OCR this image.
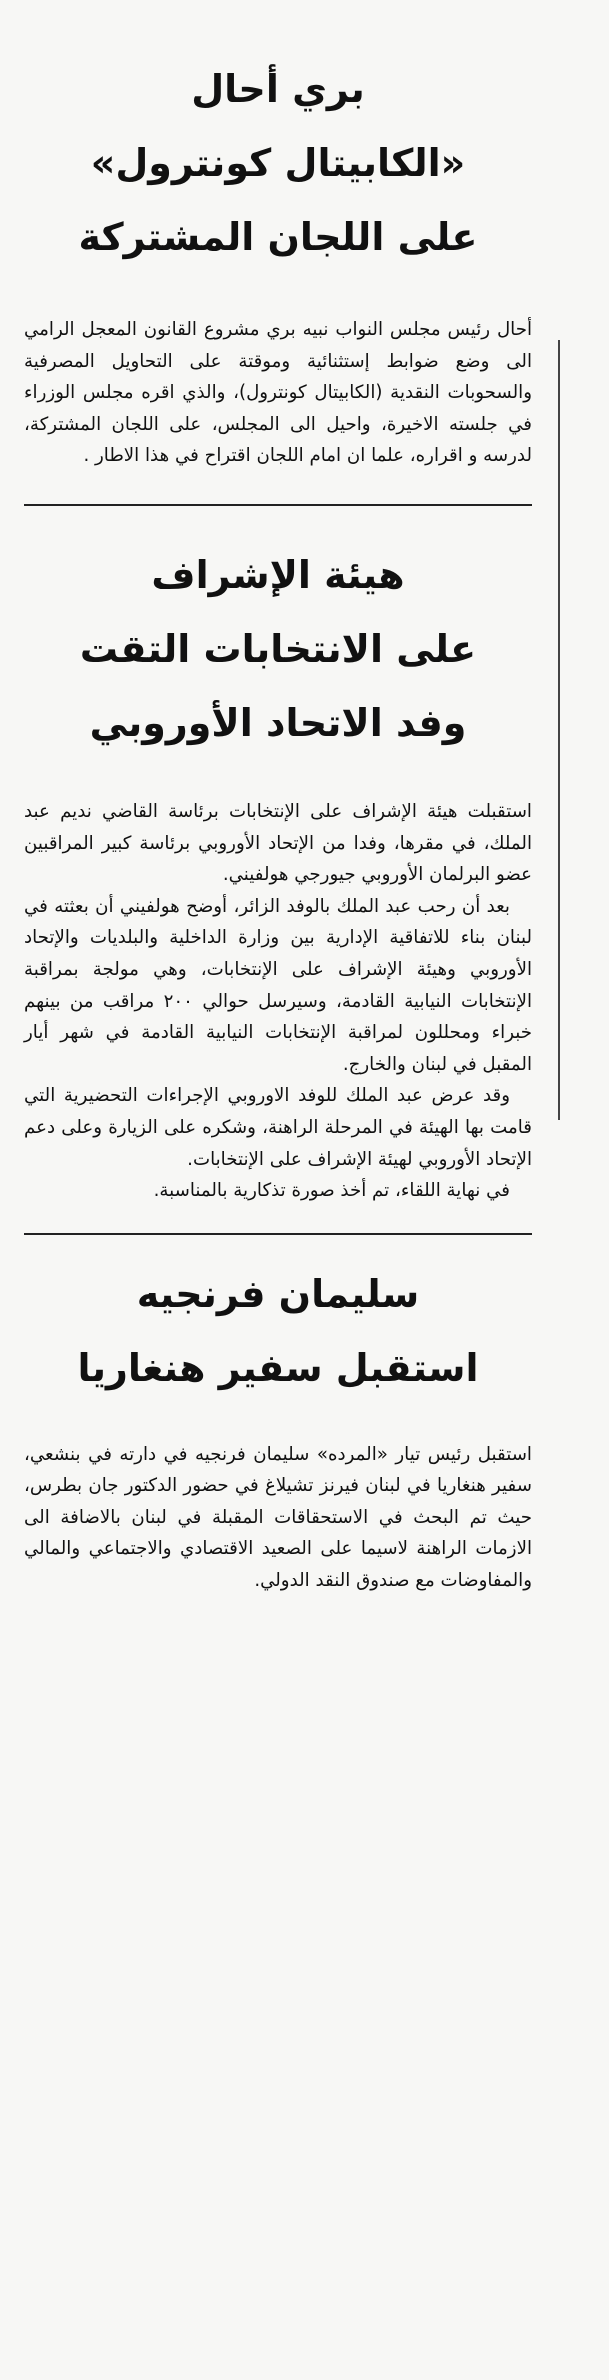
بري أحال
«الكابيتال كونترول»
على اللجان المشتركة

أحال رئيس مجلس النواب نبيه بري مشروع القانون المعجل الرامي الى وضع ضوابط إستثنائية وموقتة على التحاويل المصرفية والسحوبات النقدية (الكابيتال كونترول)، والذي اقره مجلس الوزراء في جلسته الاخيرة، واحيل الى المجلس، على اللجان المشتركة، لدرسه و اقراره، علما ان امام اللجان اقتراح في هذا الاطار .

هيئة الإشراف
على الانتخابات التقت
وفد الاتحاد الأوروبي

استقبلت هيئة الإشراف على الإنتخابات برئاسة القاضي نديم عبد الملك، في مقرها، وفدا من الإتحاد الأوروبي برئاسة كبير المراقبين عضو البرلمان الأوروبي جيورجي هولفيني.

بعد أن رحب عبد الملك بالوفد الزائر، أوضح هولفيني أن بعثته في لبنان بناء للاتفاقية الإدارية بين وزارة الداخلية والبلديات والإتحاد الأوروبي وهيئة الإشراف على الإنتخابات، وهي مولجة بمراقبة الإنتخابات النيابية القادمة، وسيرسل حوالي ٢٠٠ مراقب من بينهم خبراء ومحللون لمراقبة الإنتخابات النيابية القادمة في شهر أيار المقبل في لبنان والخارج.

وقد عرض عبد الملك للوفد الاوروبي الإجراءات التحضيرية التي قامت بها الهيئة في المرحلة الراهنة، وشكره على الزيارة وعلى دعم الإتحاد الأوروبي لهيئة الإشراف على الإنتخابات.

في نهاية اللقاء، تم أخذ صورة تذكارية بالمناسبة.

سليمان فرنجيه
استقبل سفير هنغاريا

استقبل رئيس تيار «المرده» سليمان فرنجيه في دارته في بنشعي، سفير هنغاريا في لبنان فيرنز تشيلاغ في حضور الدكتور جان بطرس، حيث تم البحث في الاستحقاقات المقبلة في لبنان بالاضافة الى الازمات الراهنة لاسيما على الصعيد الاقتصادي والاجتماعي والمالي والمفاوضات مع صندوق النقد الدولي.
